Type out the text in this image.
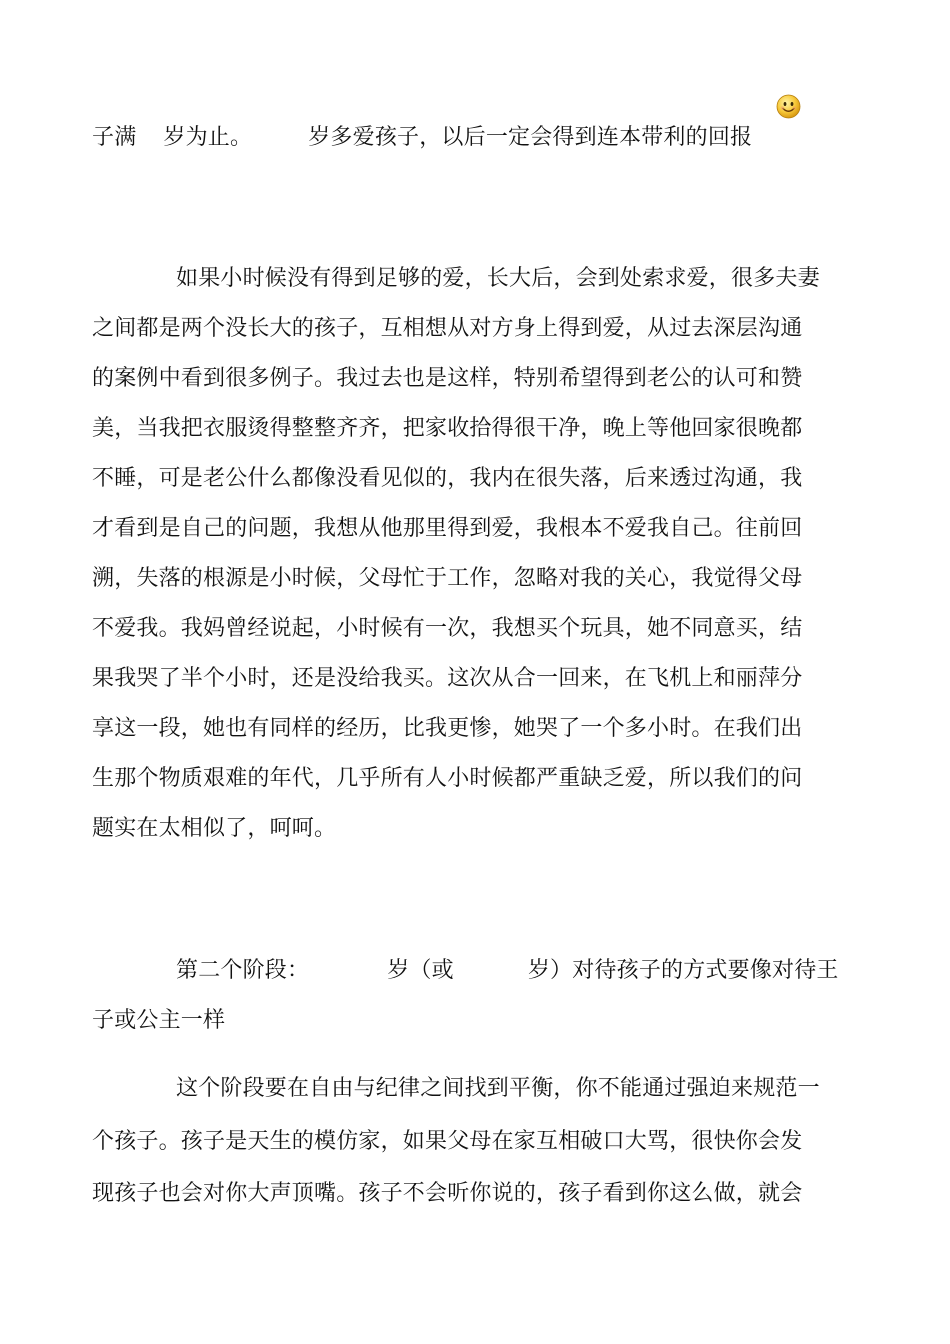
子满 岁为止。	岁多爱孩子，以后一定会得到连本带利的回报
如果小时候没有得到足够的爱，长大后，会到处索求爱，很多夫妻
之间都是两个没长大的孩子，互相想从对方身上得到爱，从过去深层沟通
的案例中看到很多例子。我过去也是这样，特别希望得到老公的认可和赞
美，当我把衣服烫得整整齐齐，把家收拾得很干净，晚上等他回家很晚都
不睡，可是老公什么都像没看见似的，我内在很失落，后来透过沟通，我
才看到是自己的问题，我想从他那里得到爱，我根本不爱我自己。往前回
溯，失落的根源是小时候，父母忙于工作，忽略对我的关心，我觉得父母
不爱我。我妈曾经说起，小时候有一次，我想买个玩具，她不同意买，结
果我哭了半个小时，还是没给我买。这次从合一回来，在飞机上和丽萍分
享这一段，她也有同样的经历，比我更惨，她哭了一个多小时。在我们出
生那个物质艰难的年代，几乎所有人小时候都严重缺乏爱，所以我们的问
题实在太相似了，呵呵。
第二个阶段：	岁（或	岁）对待孩子的方式要像对待王
子或公主一样
这个阶段要在自由与纪律之间找到平衡，你不能通过强迫来规范一
个孩子。孩子是天生的模仿家，如果父母在家互相破口大骂，很快你会发
现孩子也会对你大声顶嘴。孩子不会听你说的，孩子看到你这么做，就会
